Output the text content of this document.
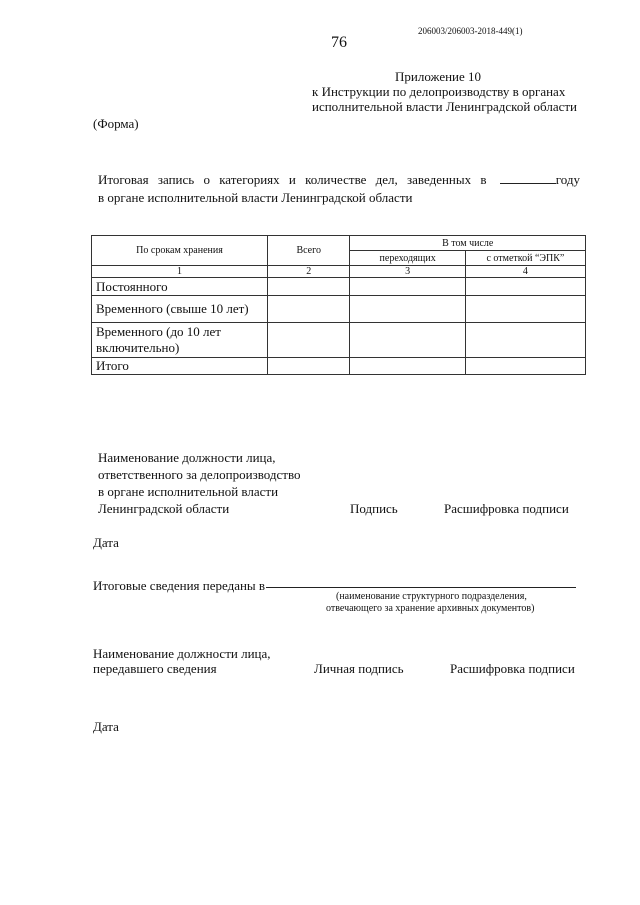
206003/206003-2018-449(1)
76
Приложение 10
к Инструкции по делопроизводству в органах
исполнительной власти Ленинградской области
(Форма)
Итоговая запись о категориях и количестве дел, заведенных в	году
в органе исполнительной власти Ленинградской области
По срокам хранения	Всего	В том числе	
		переходящих	с отметкой “ЭПК”
1	2	3	4
Постоянного			
Временного (свыше 10 лет)			
Временного (до 10 лет включительно)			
Итого			
Наименование должности лица,
ответственного за делопроизводство
в органе исполнительной власти
Ленинградской области	Подпись	Расшифровка подписи
Дата
Итоговые сведения переданы в
(наименование структурного подразделения,
отвечающего за хранение архивных документов)
Наименование должности лица,
передавшего сведения	Личная подпись	Расшифровка подписи
Дата
